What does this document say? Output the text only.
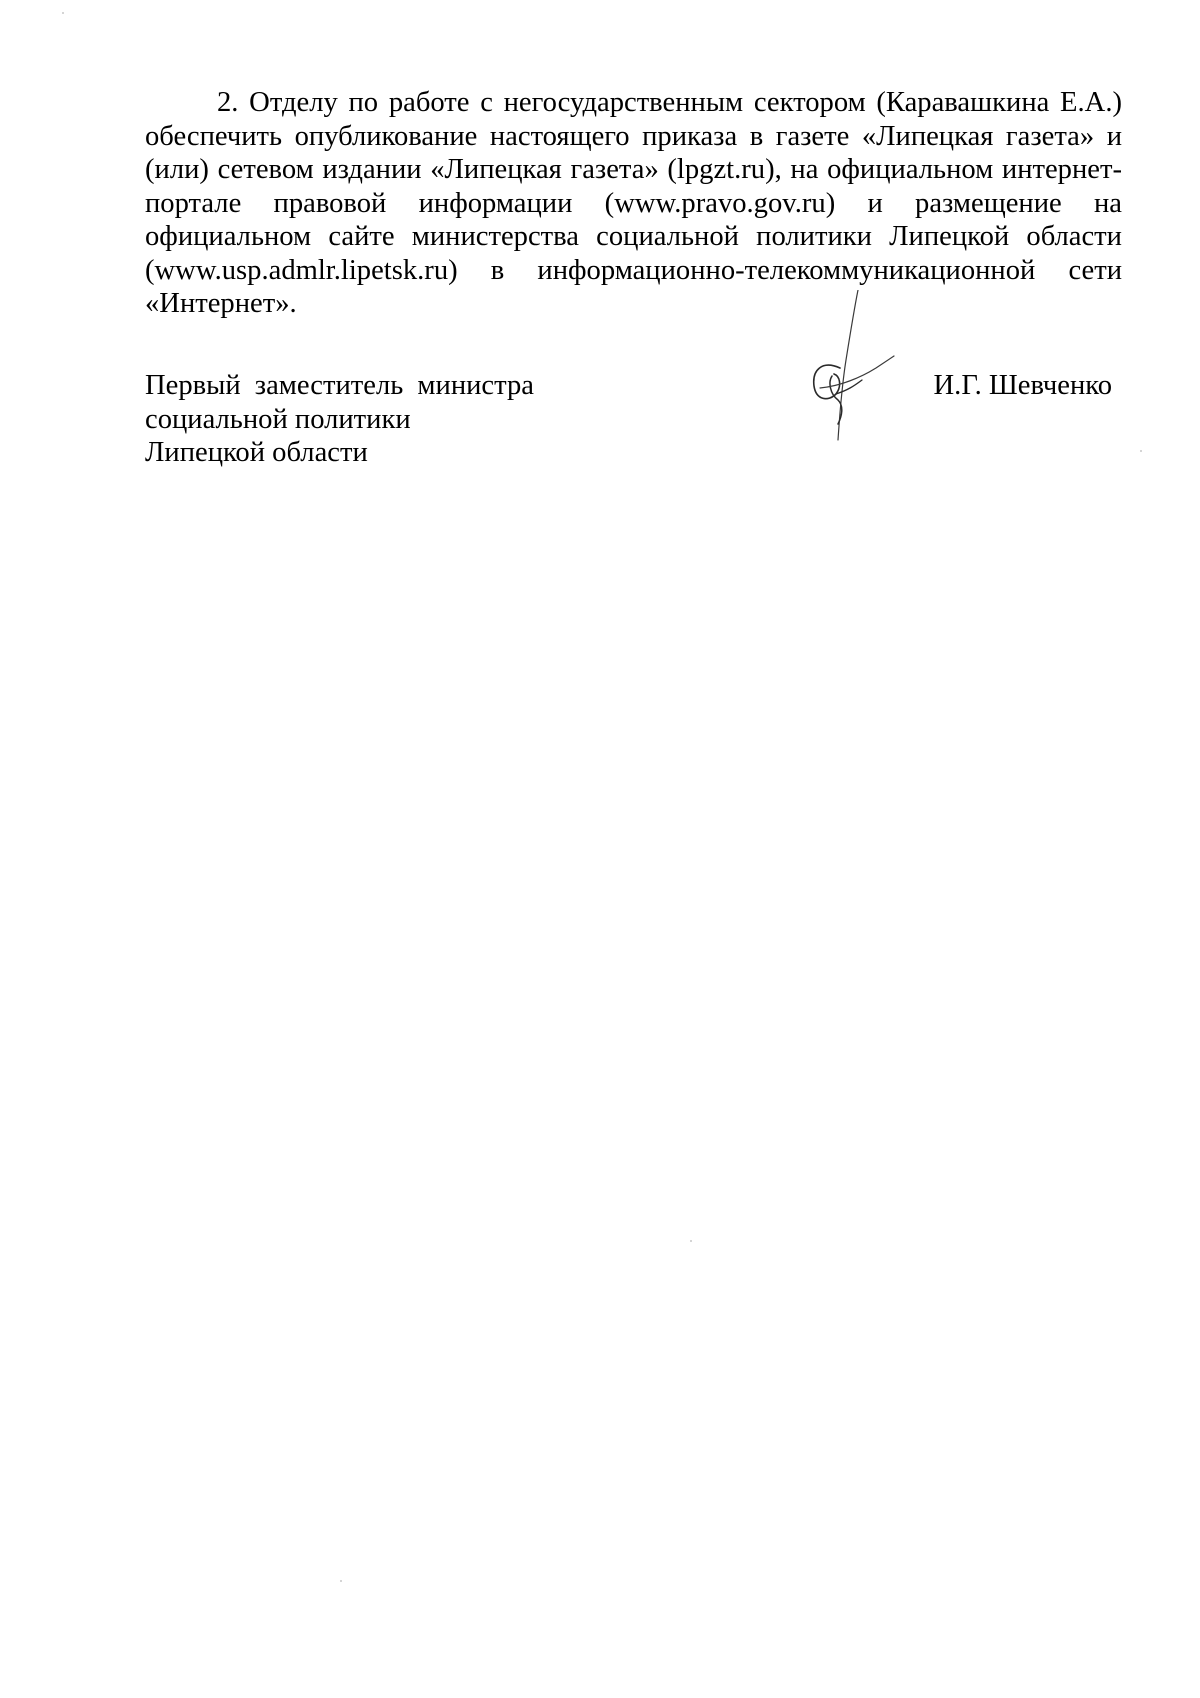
2. Отделу по работе с негосударственным сектором (Каравашкина Е.А.) обеспечить опубликование настоящего приказа в газете «Липецкая газета» и (или) сетевом издании «Липецкая газета» (lpgzt.ru), на официальном интернет-портале правовой информации (www.pravo.gov.ru) и размещение на официальном сайте министерства социальной политики Липецкой области (www.usp.admlr.lipetsk.ru) в информационно-телекоммуникационной сети «Интернет».

Первый заместитель министра
социальной политики
Липецкой области
И.Г. Шевченко
